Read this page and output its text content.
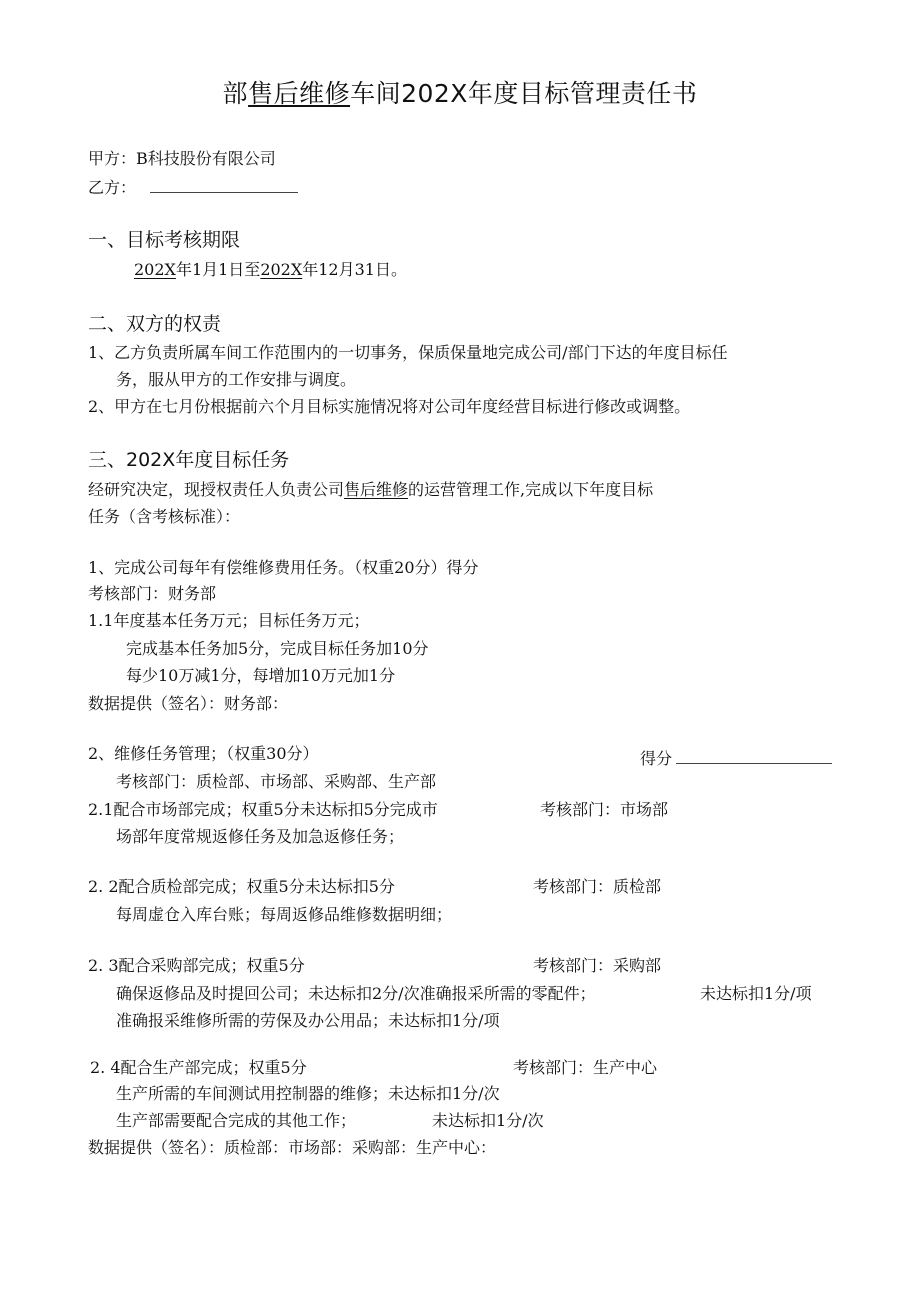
部售后维修车间202X年度目标管理责任书
甲方：B科技股份有限公司
乙方：
一、目标考核期限
202X年1月1日至202X年12月31日。
二、双方的权责
1、乙方负责所属车间工作范围内的一切事务，保质保量地完成公司/部门下达的年度目标任
务，服从甲方的工作安排与调度。
2、甲方在七月份根据前六个月目标实施情况将对公司年度经营目标进行修改或调整。
三、202X年度目标任务
经研究决定，现授权责任人负责公司售后维修的运营管理工作,完成以下年度目标
任务（含考核标准）：
1、完成公司每年有偿维修费用任务。（权重20分）得分
考核部门：财务部
1.1年度基本任务万元；目标任务万元；
完成基本任务加5分，完成目标任务加10分
每少10万减1分，每增加10万元加1分
数据提供（签名）：财务部：
2、维修任务管理；（权重30分）	得分
考核部门：质检部、市场部、采购部、生产部
2.1配合市场部完成；权重5分未达标扣5分完成市	考核部门：市场部
场部年度常规返修任务及加急返修任务；
2. 2配合质检部完成；权重5分未达标扣5分	考核部门：质检部
每周虚仓入库台账；每周返修品维修数据明细；
2. 3配合采购部完成；权重5分	考核部门：采购部
确保返修品及时提回公司；未达标扣2分/次准确报采所需的零配件；	未达标扣1分/项
准确报采维修所需的劳保及办公用品；未达标扣1分/项
2. 4配合生产部完成；权重5分	考核部门：生产中心
生产所需的车间测试用控制器的维修；未达标扣1分/次
生产部需要配合完成的其他工作；	未达标扣1分/次
数据提供（签名）：质检部：市场部：采购部：生产中心：
